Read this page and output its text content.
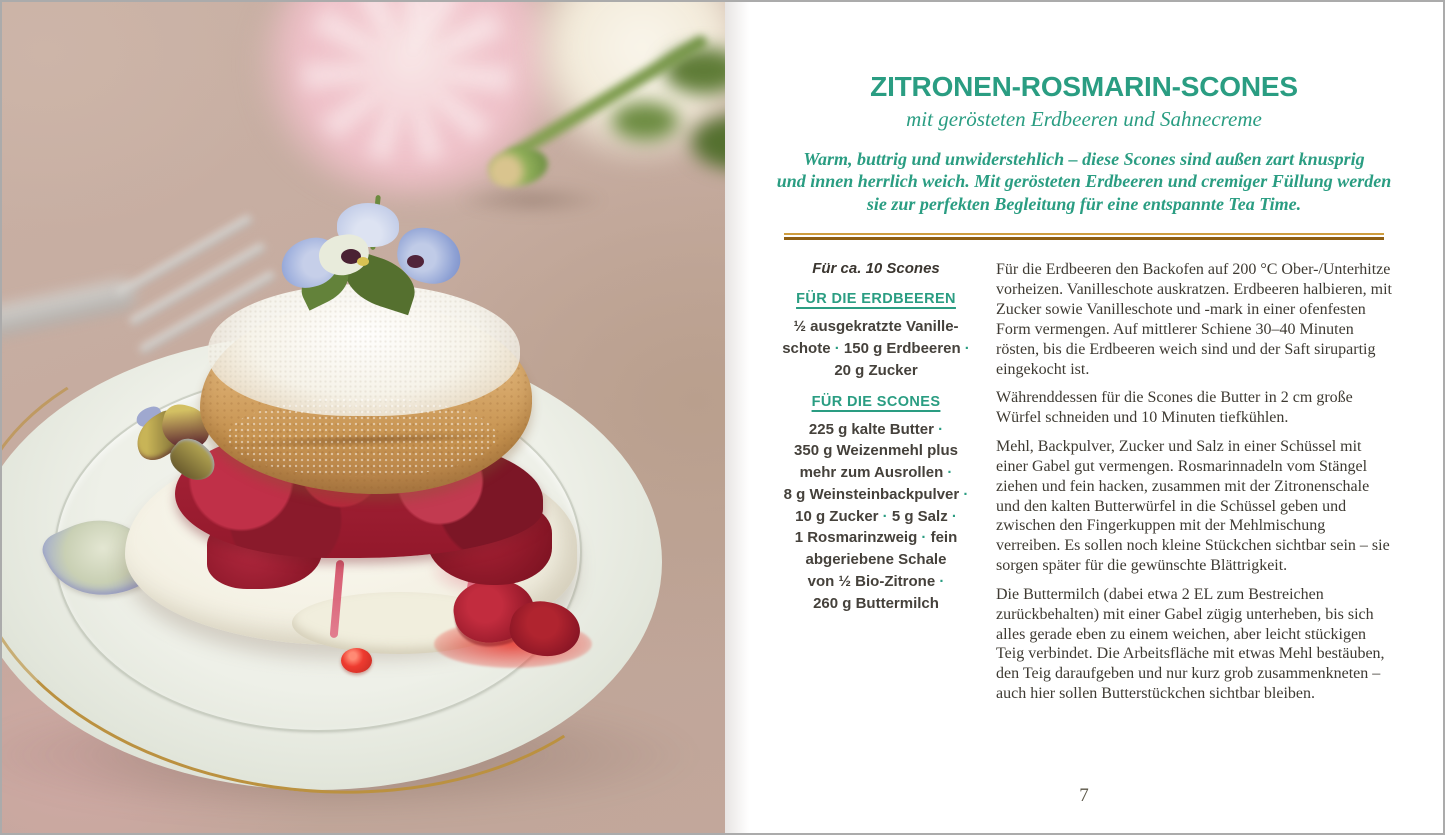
ZITRONEN-ROSMARIN-SCONES
mit gerösteten Erdbeeren und Sahnecreme
Warm, buttrig und unwiderstehlich – diese Scones sind außen zart knusprig
und innen herrlich weich. Mit gerösteten Erdbeeren und cremiger Füllung werden
sie zur perfekten Begleitung für eine entspannte Tea Time.
Für ca. 10 Scones
FÜR DIE ERDBEEREN
½ ausgekratzte Vanille-
schote · 150 g Erdbeeren ·
20 g Zucker
FÜR DIE SCONES
225 g kalte Butter ·
350 g Weizenmehl plus
mehr zum Ausrollen ·
8 g Weinsteinbackpulver ·
10 g Zucker · 5 g Salz ·
1 Rosmarinzweig · fein
abgeriebene Schale
von ½ Bio-Zitrone ·
260 g Buttermilch

Für die Erdbeeren den Backofen auf 200 °C Ober-/Unterhitze vorheizen. Vanilleschote auskratzen. Erdbeeren halbieren, mit Zucker sowie Vanilleschote und -mark in einer ofenfesten Form vermengen. Auf mittlerer Schiene 30–40 Minuten rösten, bis die Erdbeeren weich sind und der Saft sirupartig eingekocht ist.

Währenddessen für die Scones die Butter in 2 cm große Würfel schneiden und 10 Minuten tiefkühlen.

Mehl, Backpulver, Zucker und Salz in einer Schüssel mit einer Gabel gut vermengen. Rosmarinnadeln vom Stängel ziehen und fein hacken, zusammen mit der Zitronenschale und den kalten Butterwürfel in die Schüssel geben und zwischen den Fingerkuppen mit der Mehlmischung verreiben. Es sollen noch kleine Stückchen sichtbar sein – sie sorgen später für die gewünschte Blättrigkeit.

Die Buttermilch (dabei etwa 2 EL zum Bestreichen zurückbehalten) mit einer Gabel zügig unterheben, bis sich alles gerade eben zu einem weichen, aber leicht stückigen Teig verbindet. Die Arbeitsfläche mit etwas Mehl bestäuben, den Teig daraufgeben und nur kurz grob zusammenkneten – auch hier sollen Butterstückchen sichtbar bleiben.

7
